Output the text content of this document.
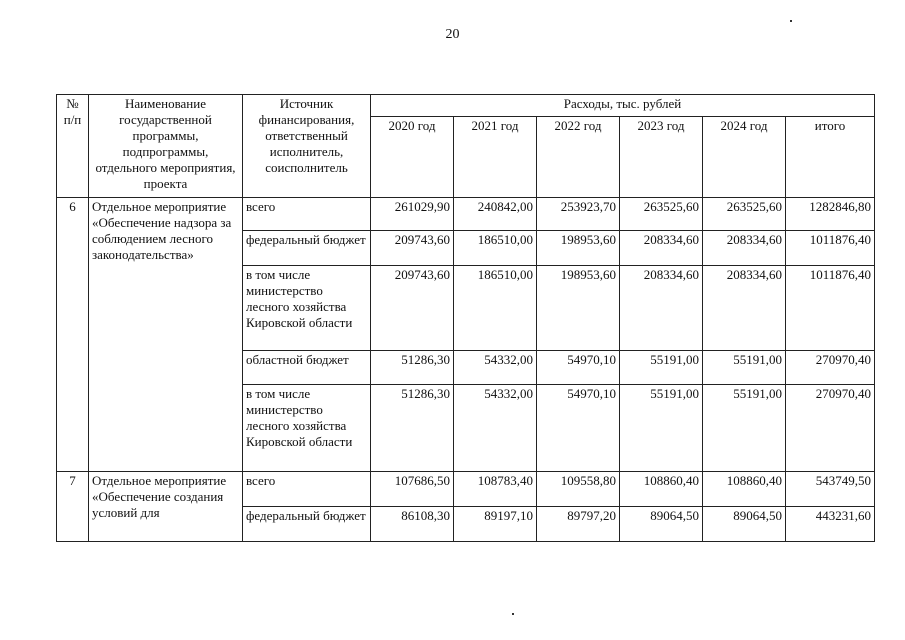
20
№ п/п	Наименование государственной программы, подпрограммы, отдельного мероприятия, проекта	Источник финансирования, ответственный исполнитель, соисполнитель	Расходы, тыс. рублей					
			2020 год	2021 год	2022 год	2023 год	2024 год	итого
6	Отдельное мероприятие «Обеспечение надзора за соблюдением лесного законодательства»	всего	261029,90	240842,00	253923,70	263525,60	263525,60	1282846,80
		федеральный бюджет	209743,60	186510,00	198953,60	208334,60	208334,60	1011876,40
		в том числе министерство лесного хозяйства Кировской области	209743,60	186510,00	198953,60	208334,60	208334,60	1011876,40
		областной бюджет	51286,30	54332,00	54970,10	55191,00	55191,00	270970,40
		в том числе министерство лесного хозяйства Кировской области	51286,30	54332,00	54970,10	55191,00	55191,00	270970,40
7	Отдельное мероприятие «Обеспечение создания условий для	всего	107686,50	108783,40	109558,80	108860,40	108860,40	543749,50
		федеральный бюджет	86108,30	89197,10	89797,20	89064,50	89064,50	443231,60
